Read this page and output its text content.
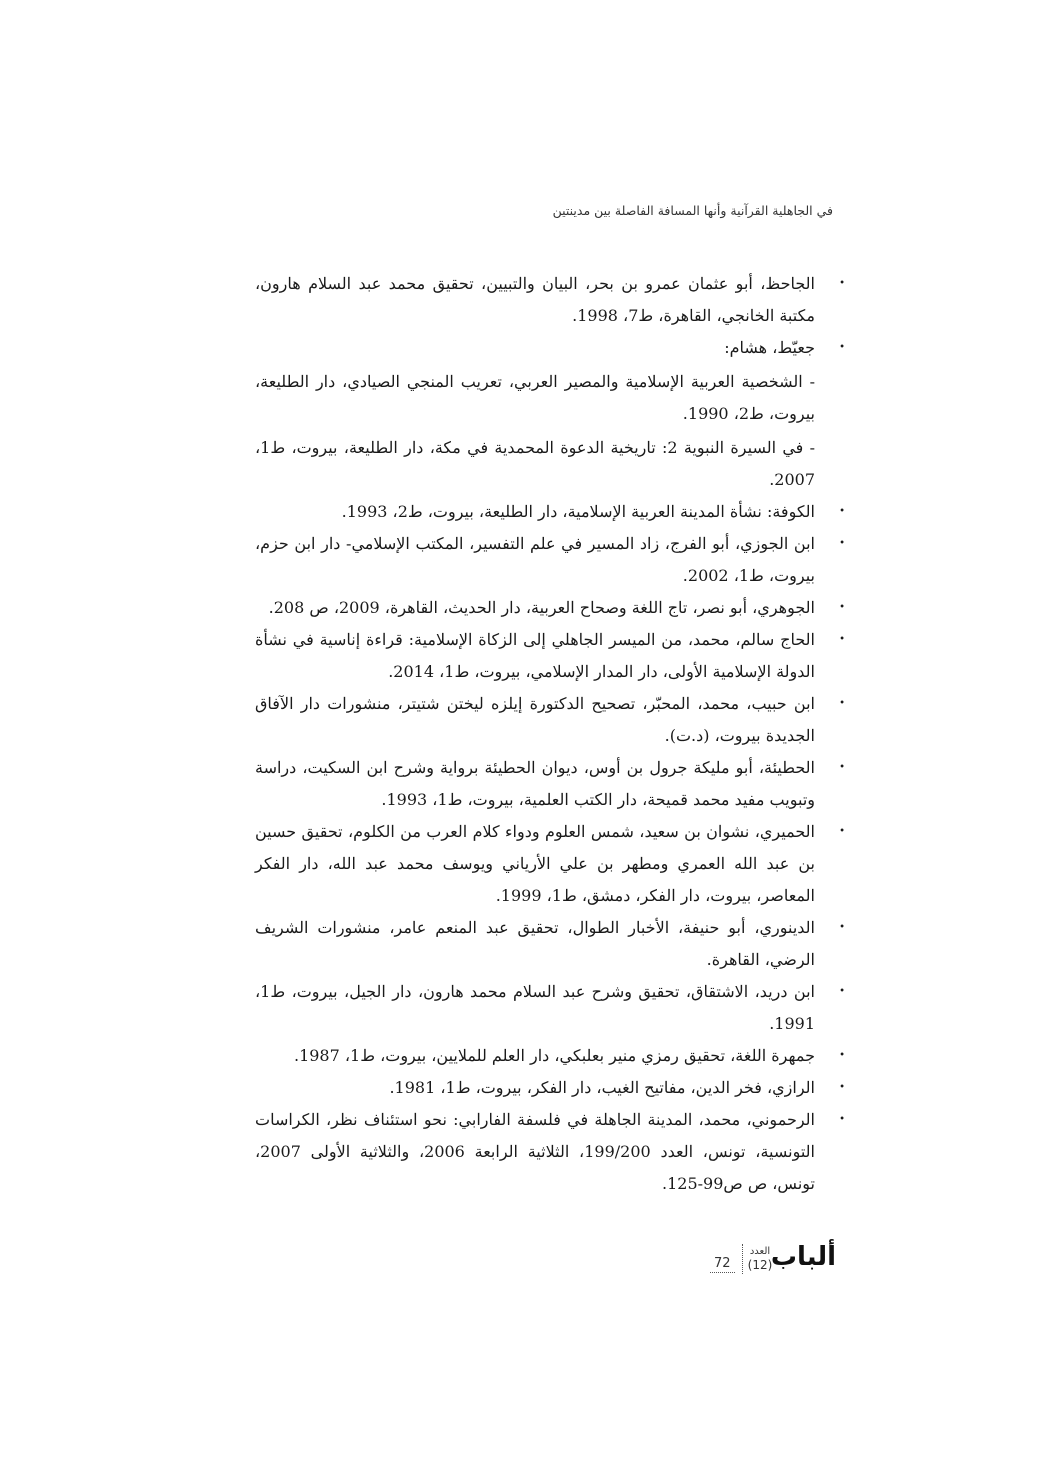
في الجاهلية القرآنية وأنها المسافة الفاصلة بين مدينتين
•
الجاحظ، أبو عثمان عمرو بن بحر، البيان والتبيين، تحقيق محمد عبد السلام هارون، مكتبة الخانجي، القاهرة، ط7، 1998.
•
جعيّط، هشام:
- الشخصية العربية الإسلامية والمصير العربي، تعريب المنجي الصيادي، دار الطليعة، بيروت، ط2، 1990.
- في السيرة النبوية 2: تاريخية الدعوة المحمدية في مكة، دار الطليعة، بيروت، ط1، 2007.
•
الكوفة: نشأة المدينة العربية الإسلامية، دار الطليعة، بيروت، ط2، 1993.
•
ابن الجوزي، أبو الفرج، زاد المسير في علم التفسير، المكتب الإسلامي- دار ابن حزم، بيروت، ط1، 2002.
•
الجوهري، أبو نصر، تاج اللغة وصحاح العربية، دار الحديث، القاهرة، 2009، ص 208.
•
الحاج سالم، محمد، من الميسر الجاهلي إلى الزكاة الإسلامية: قراءة إناسية في نشأة الدولة الإسلامية الأولى، دار المدار الإسلامي، بيروت، ط1، 2014.
•
ابن حبيب، محمد، المحبّر، تصحيح الدكتورة إيلزه ليختن شتيتر، منشورات دار الآفاق الجديدة بيروت، (د.ت).
•
الحطيئة، أبو مليكة جرول بن أوس، ديوان الحطيئة برواية وشرح ابن السكيت، دراسة وتبويب مفيد محمد قميحة، دار الكتب العلمية، بيروت، ط1، 1993.
•
الحميري، نشوان بن سعيد، شمس العلوم ودواء كلام العرب من الكلوم، تحقيق حسين بن عبد الله العمري ومطهر بن علي الأرياني ويوسف محمد عبد الله، دار الفكر المعاصر، بيروت، دار الفكر، دمشق، ط1، 1999.
•
الدينوري، أبو حنيفة، الأخبار الطوال، تحقيق عبد المنعم عامر، منشورات الشريف الرضي، القاهرة.
•
ابن دريد، الاشتقاق، تحقيق وشرح عبد السلام محمد هارون، دار الجيل، بيروت، ط1، 1991.
•
جمهرة اللغة، تحقيق رمزي منير بعلبكي، دار العلم للملايين، بيروت، ط1، 1987.
•
الرازي، فخر الدين، مفاتيح الغيب، دار الفكر، بيروت، ط1، 1981.
•
الرحموني، محمد، المدينة الجاهلة في فلسفة الفارابي: نحو استئناف نظر، الكراسات التونسية، تونس، العدد 199/200، الثلاثية الرابعة 2006، والثلاثية الأولى 2007، تونس، ص ص99-125.
72
العدد
(12)
ألباب
